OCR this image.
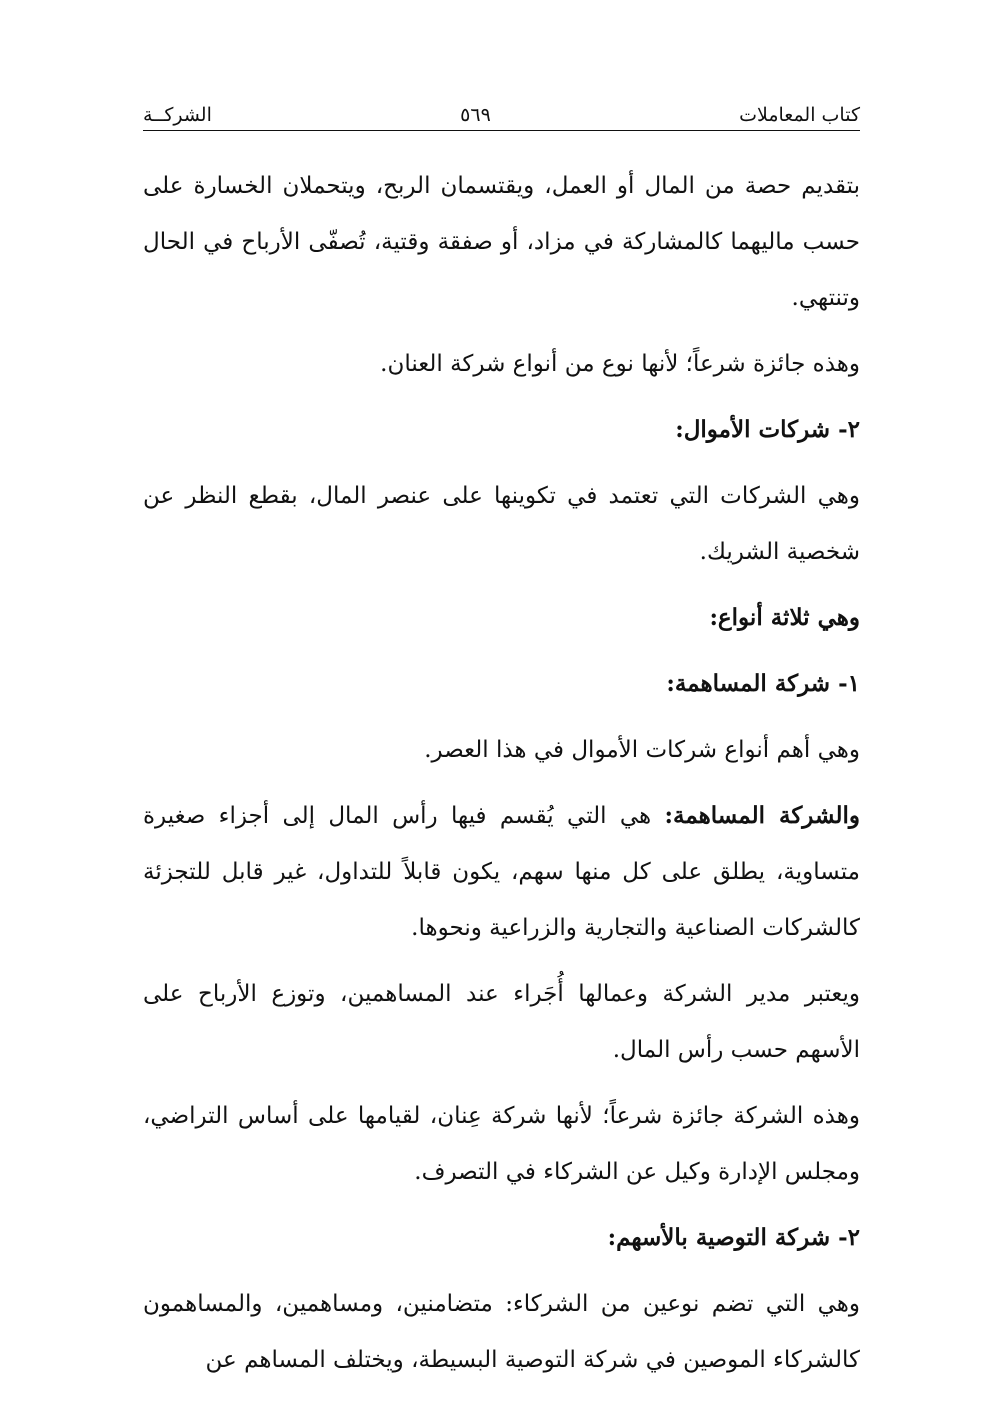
كتاب المعاملات
٥٦٩
الشركــة

بتقديم حصة من المال أو العمل، ويقتسمان الربح، ويتحملان الخسارة على حسب ماليهما كالمشاركة في مزاد، أو صفقة وقتية، تُصفّى الأرباح في الحال وتنتهي.

وهذه جائزة شرعاً؛ لأنها نوع من أنواع شركة العنان.

٢- شركات الأموال:

وهي الشركات التي تعتمد في تكوينها على عنصر المال، بقطع النظر عن شخصية الشريك.

وهي ثلاثة أنواع:

١- شركة المساهمة:

وهي أهم أنواع شركات الأموال في هذا العصر.

والشركة المساهمة: هي التي يُقسم فيها رأس المال إلى أجزاء صغيرة متساوية، يطلق على كل منها سهم، يكون قابلاً للتداول، غير قابل للتجزئة كالشركات الصناعية والتجارية والزراعية ونحوها.

ويعتبر مدير الشركة وعمالها أُجَراء عند المساهمين، وتوزع الأرباح على الأسهم حسب رأس المال.

وهذه الشركة جائزة شرعاً؛ لأنها شركة عِنان، لقيامها على أساس التراضي، ومجلس الإدارة وكيل عن الشركاء في التصرف.

٢- شركة التوصية بالأسهم:

وهي التي تضم نوعين من الشركاء: متضامنين، ومساهمين، والمساهمون كالشركاء الموصين في شركة التوصية البسيطة، ويختلف المساهم عن
